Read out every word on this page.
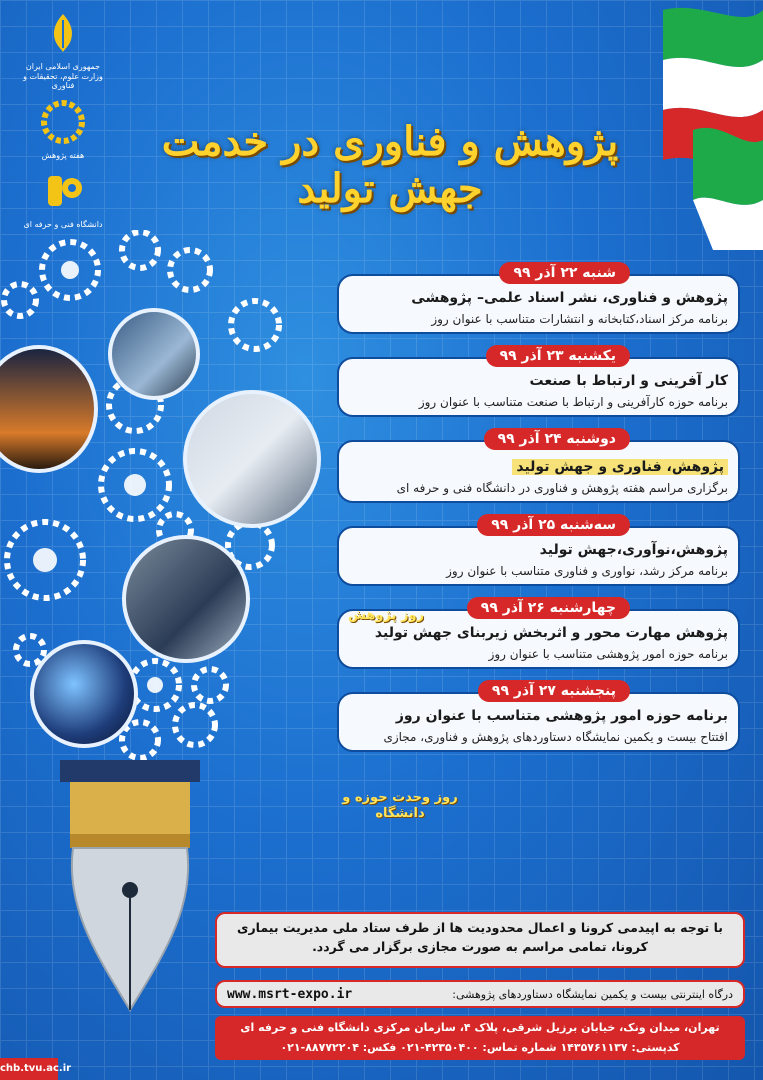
جمهوری اسلامی ایران وزارت علوم، تحقیقات و فناوری
هفته پژوهش
دانشگاه فنی و حرفه ای
پژوهش و فناوری در خدمت جهش تولید
شنبه ۲۲ آذر ۹۹
پژوهش و فناوری، نشر اسناد علمی– پژوهشی
برنامه مرکز اسناد،کتابخانه و انتشارات متناسب با عنوان روز
یکشنبه ۲۳ آذر ۹۹
کار آفرینی و ارتباط با صنعت
برنامه حوزه کارآفرینی و ارتباط با صنعت متناسب با عنوان روز
دوشنبه ۲۴ آذر ۹۹
پژوهش، فناوری و جهش تولید
برگزاری مراسم هفته پژوهش و فناوری در دانشگاه فنی و حرفه ای
سه‌شنبه ۲۵ آذر ۹۹
پژوهش،نوآوری،جهش تولید
برنامه مرکز رشد، نواوری و فناوری متناسب با عنوان روز
چهارشنبه ۲۶ آذر ۹۹
پژوهش مهارت محور و اثربخش زیربنای جهش تولید
برنامه حوزه امور پژوهشی متناسب با عنوان روز
پنجشنبه ۲۷ آذر ۹۹
برنامه حوزه امور پژوهشی متناسب با عنوان روز
افتتاح بیست و یکمین نمایشگاه دستاوردهای پژوهش و فناوری، مجازی
روز پژوهش
روز وحدت حوزه و دانشگاه
با توجه به اپیدمی کرونا و اعمال محدودیت ها از طرف ستاد ملی مدیریت بیماری کرونا، تمامی مراسم به صورت مجازی برگزار می گردد.
www.msrt-expo.ir	درگاه اینترنتی بیست و یکمین نمایشگاه دستاوردهای پژوهشی:
تهران، میدان ونک، خیابان برزیل شرقی، پلاک ۴، سازمان مرکزی دانشگاه فنی و حرفه ای
کدپستی: ۱۴۳۵۷۶۱۱۳۷ شماره تماس: ۴۲۳۵۰۴۰۰-۰۲۱ فکس: ۸۸۷۷۲۲۰۴-۰۲۱
chb.tvu.ac.ir
